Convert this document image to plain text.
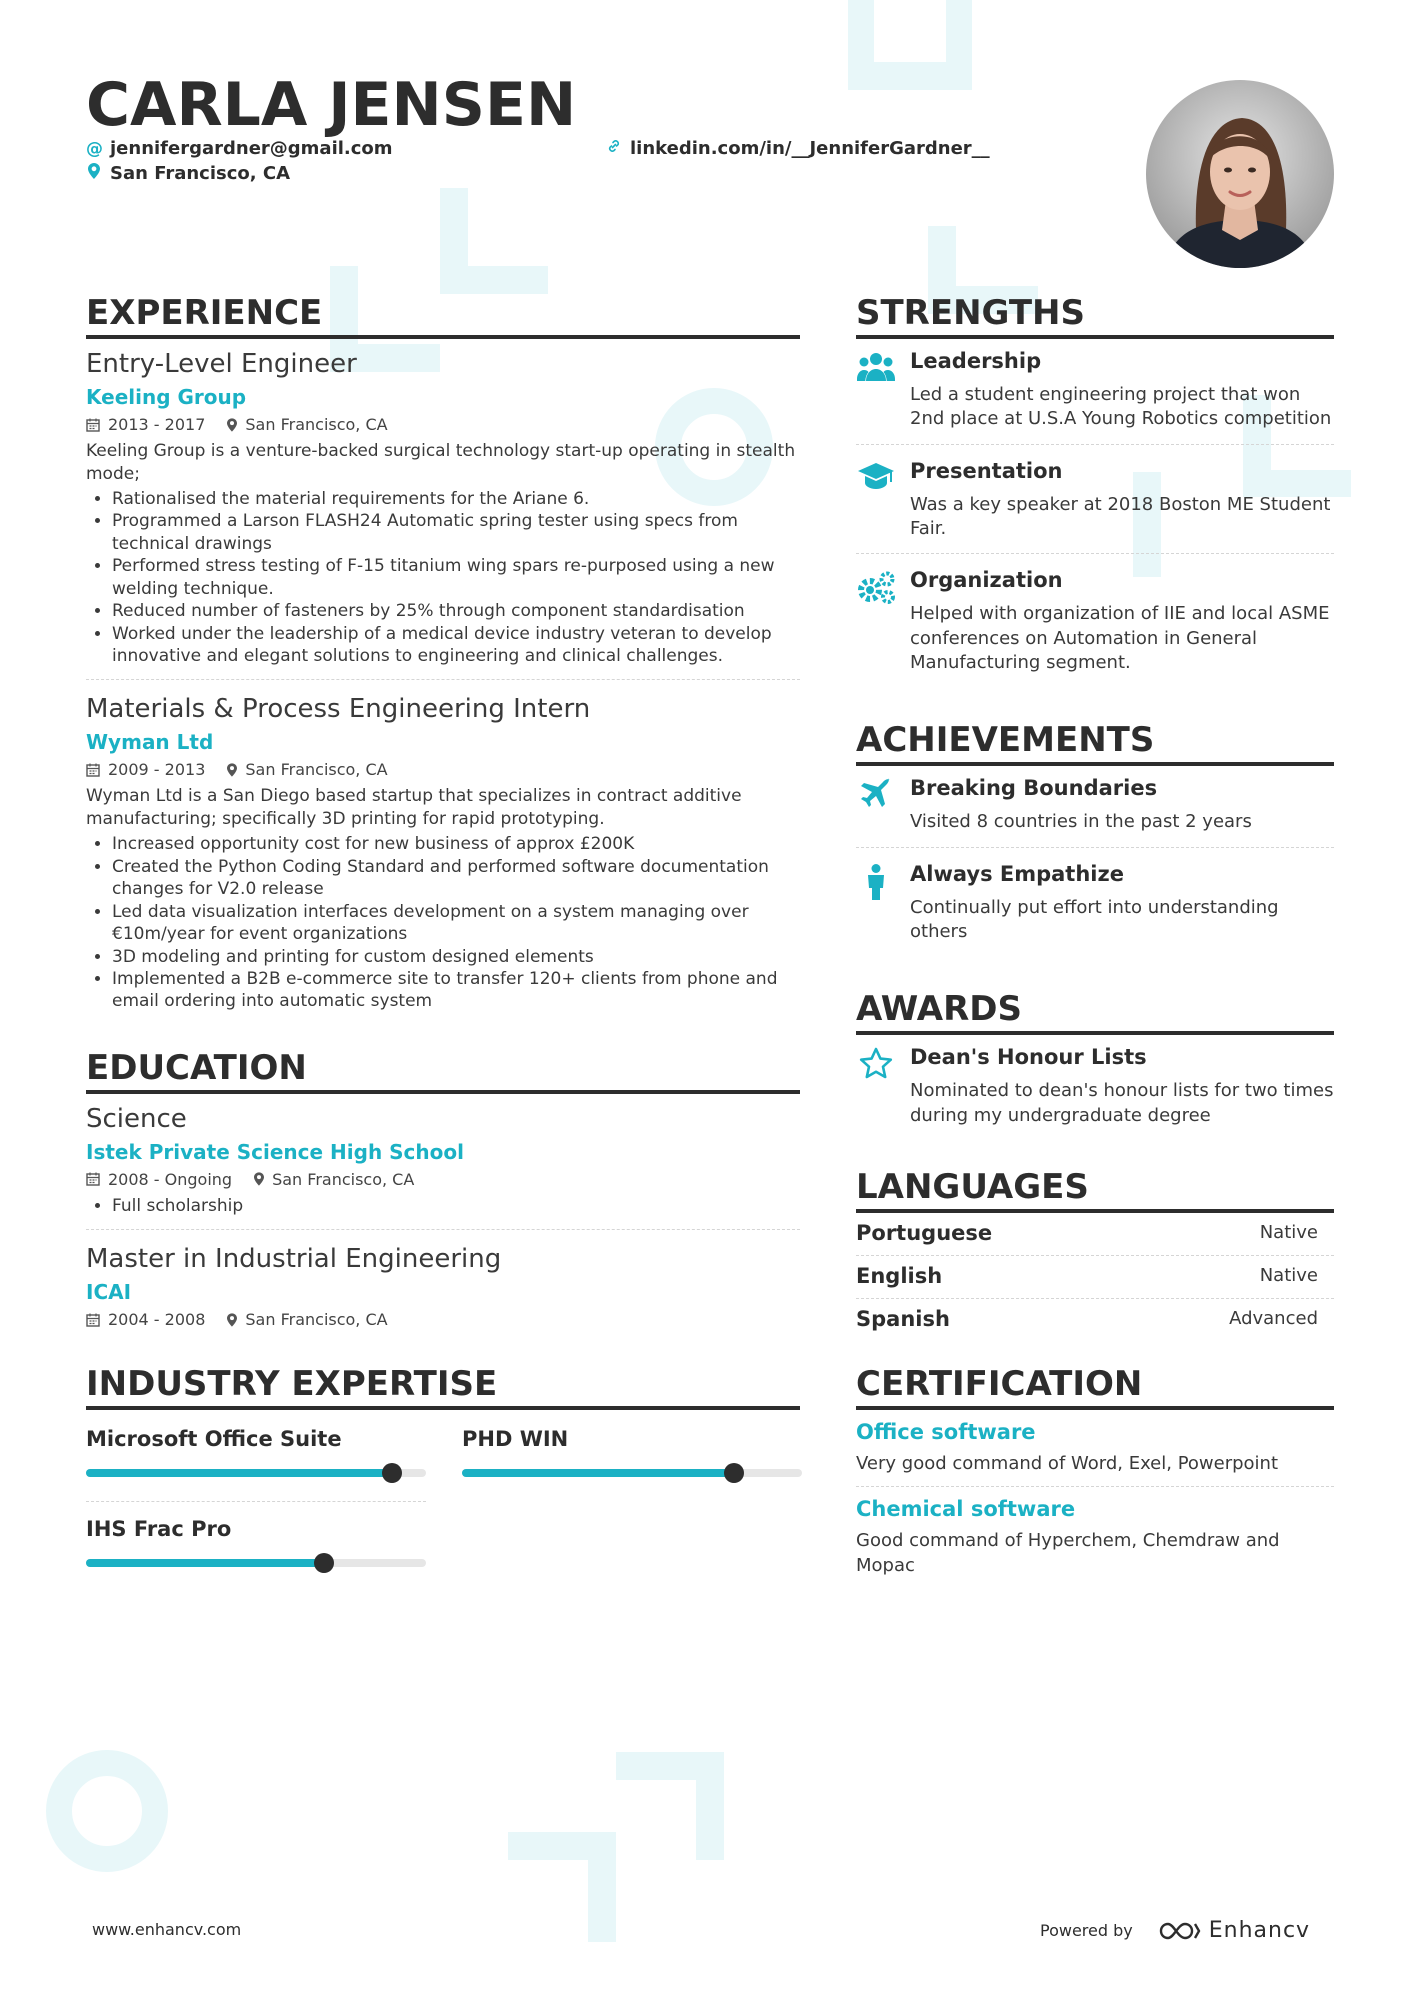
CARLA JENSEN
@ jennifergardner@gmail.com	linkedin.com/in/__JenniferGardner__
San Francisco, CA
EXPERIENCE
Entry-Level Engineer
Keeling Group
2013 - 2017	San Francisco, CA

Keeling Group is a venture-backed surgical technology start-up operating in stealth mode;

• Rationalised the material requirements for the Ariane 6.
• Programmed a Larson FLASH24 Automatic spring tester using specs from technical drawings
• Performed stress testing of F-15 titanium wing spars re-purposed using a new welding technique.
• Reduced number of fasteners by 25% through component standardisation
• Worked under the leadership of a medical device industry veteran to develop innovative and elegant solutions to engineering and clinical challenges.
Materials & Process Engineering Intern
Wyman Ltd
2009 - 2013	San Francisco, CA

Wyman Ltd is a San Diego based startup that specializes in contract additive manufacturing; specifically 3D printing for rapid prototyping.

• Increased opportunity cost for new business of approx £200K
• Created the Python Coding Standard and performed software documentation changes for V2.0 release
• Led data visualization interfaces development on a system managing over €10m/year for event organizations
• 3D modeling and printing for custom designed elements
• Implemented a B2B e-commerce site to transfer 120+ clients from phone and email ordering into automatic system
EDUCATION
Science
Istek Private Science High School
2008 - Ongoing	San Francisco, CA
• Full scholarship
Master in Industrial Engineering
ICAI
2004 - 2008	San Francisco, CA
INDUSTRY EXPERTISE
Microsoft Office Suite	PHD WIN
IHS Frac Pro
STRENGTHS
Leadership

Led a student engineering project that won 2nd place at U.S.A Young Robotics competition

Presentation

Was a key speaker at 2018 Boston ME Student Fair.

Organization

Helped with organization of IIE and local ASME conferences on Automation in General Manufacturing segment.

ACHIEVEMENTS
Breaking Boundaries

Visited 8 countries in the past 2 years

Always Empathize

Continually put effort into understanding others

AWARDS
Dean's Honour Lists

Nominated to dean's honour lists for two times during my undergraduate degree

LANGUAGES
Portuguese	Native
English	Native
Spanish	Advanced
CERTIFICATION
Office software

Very good command of Word, Exel, Powerpoint

Chemical software

Good command of Hyperchem, Chemdraw and Mopac

www.enhancv.com	Powered by	Enhancv
